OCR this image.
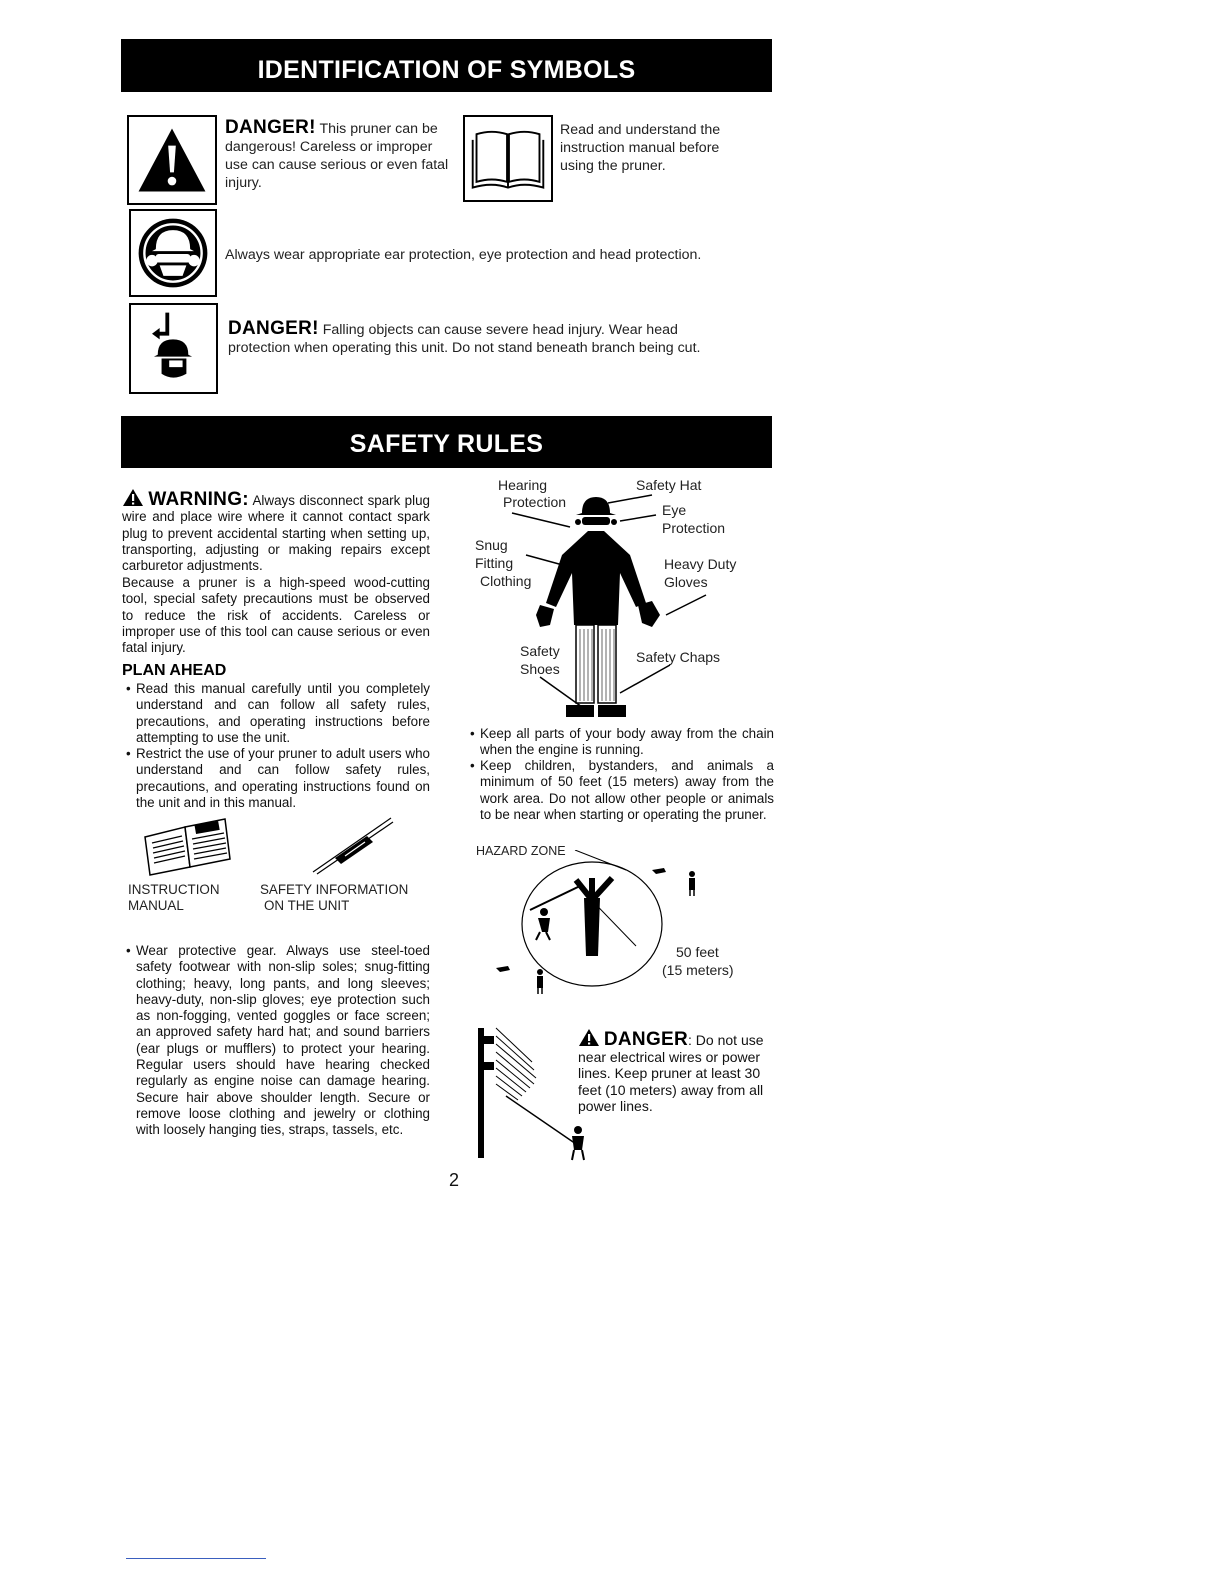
IDENTIFICATION OF SYMBOLS
DANGER! This pruner can be dangerous! Careless or improper use can cause serious or even fatal injury.
Read and understand the instruction manual before using the pruner.
Always wear appropriate ear protection, eye protection and head protection.
DANGER! Falling objects can cause severe head injury. Wear head protection when operating this unit. Do not stand beneath branch being cut.
SAFETY RULES
WARNING: Always disconnect spark plug wire and place wire where it cannot contact spark plug to prevent accidental starting when setting up, transporting, adjusting or making repairs except carburetor adjustments.
Because a pruner is a high-speed wood-cutting tool, special safety precautions must be observed to reduce the risk of accidents. Careless or improper use of this tool can cause serious or even fatal injury.
PLAN AHEAD
• Read this manual carefully until you completely understand and can follow all safety rules, precautions, and operating instructions before attempting to use the unit.
• Restrict the use of your pruner to adult users who understand and can follow safety rules, precautions, and operating instructions found on the unit and in this manual.
INSTRUCTION
MANUAL
SAFETY INFORMATION
ON THE UNIT
• Wear protective gear. Always use steel-toed safety footwear with non-slip soles; snug-fitting clothing; heavy, long pants, and long sleeves; heavy-duty, non-slip gloves; eye protection such as non-fogging, vented goggles or face screen; an approved safety hard hat; and sound barriers (ear plugs or mufflers) to protect your hearing. Regular users should have hearing checked regularly as engine noise can damage hearing. Secure hair above shoulder length. Secure or remove loose clothing and jewelry or clothing with loosely hanging ties, straps, tassels, etc.
Hearing
Protection
Safety Hat
Eye
Protection
Snug
Fitting
Clothing
Heavy Duty
Gloves
Safety
Shoes
Safety Chaps
• Keep all parts of your body away from the chain when the engine is running.
• Keep children, bystanders, and animals a minimum of 50 feet (15 meters) away from the work area. Do not allow other people or animals to be near when starting or operating the pruner.
HAZARD ZONE
50 feet
(15 meters)
DANGER: Do not use near electrical wires or power lines. Keep pruner at least 30 feet (10 meters) away from all power lines.
2
